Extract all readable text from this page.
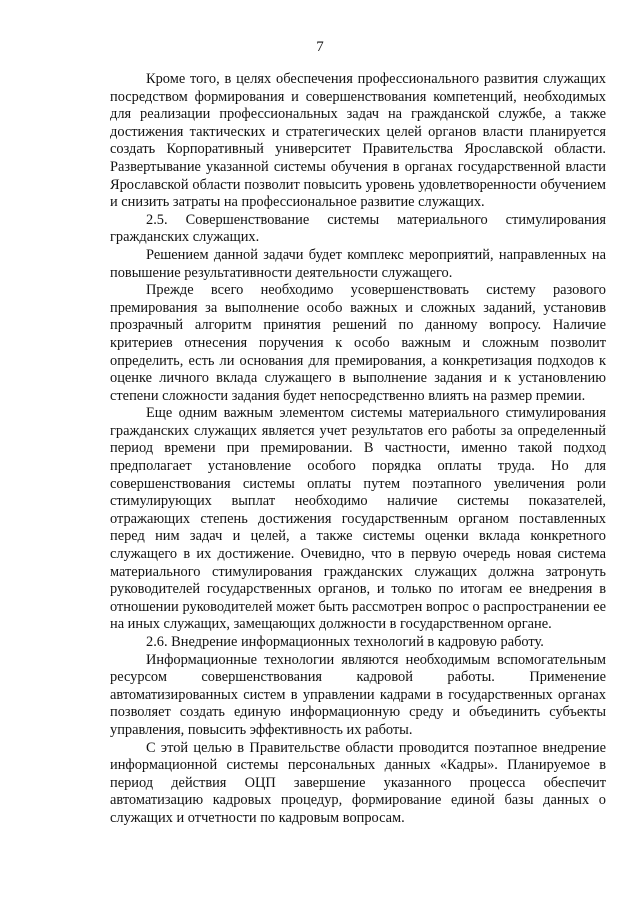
7

Кроме того, в целях обеспечения профессионального развития служащих посредством формирования и совершенствования компетенций, необходимых для реализации профессиональных задач на гражданской службе, а также достижения тактических и стратегических целей органов власти планируется создать Корпоративный университет Правительства Ярославской области. Развертывание указанной системы обучения в органах государственной власти Ярославской области позволит повысить уровень удовлетворенности обучением и снизить затраты на профессиональное развитие служащих.

2.5. Совершенствование системы материального стимулирования гражданских служащих.

Решением данной задачи будет комплекс мероприятий, направленных на повышение результативности деятельности служащего.

Прежде всего необходимо усовершенствовать систему разового премирования за выполнение особо важных и сложных заданий, установив прозрачный алгоритм принятия решений по данному вопросу. Наличие критериев отнесения поручения к особо важным и сложным позволит определить, есть ли основания для премирования, а конкретизация подходов к оценке личного вклада служащего в выполнение задания и к установлению степени сложности задания будет непосредственно влиять на размер премии.

Еще одним важным элементом системы материального стимулирования гражданских служащих является учет результатов его работы за определенный период времени при премировании. В частности, именно такой подход предполагает установление особого порядка оплаты труда. Но для совершенствования системы оплаты путем поэтапного увеличения роли стимулирующих выплат необходимо наличие системы показателей, отражающих степень достижения государственным органом поставленных перед ним задач и целей, а также системы оценки вклада конкретного служащего в их достижение. Очевидно, что в первую очередь новая система материального стимулирования гражданских служащих должна затронуть руководителей государственных органов, и только по итогам ее внедрения в отношении руководителей может быть рассмотрен вопрос о распространении ее на иных служащих, замещающих должности в государственном органе.

2.6. Внедрение информационных технологий в кадровую работу.

Информационные технологии являются необходимым вспомогательным ресурсом совершенствования кадровой работы. Применение автоматизированных систем в управлении кадрами в государственных органах позволяет создать единую информационную среду и объединить субъекты управления, повысить эффективность их работы.

С этой целью в Правительстве области проводится поэтапное внедрение информационной системы персональных данных «Кадры». Планируемое в период действия ОЦП завершение указанного процесса обеспечит автоматизацию кадровых процедур, формирование единой базы данных о служащих и отчетности по кадровым вопросам.
